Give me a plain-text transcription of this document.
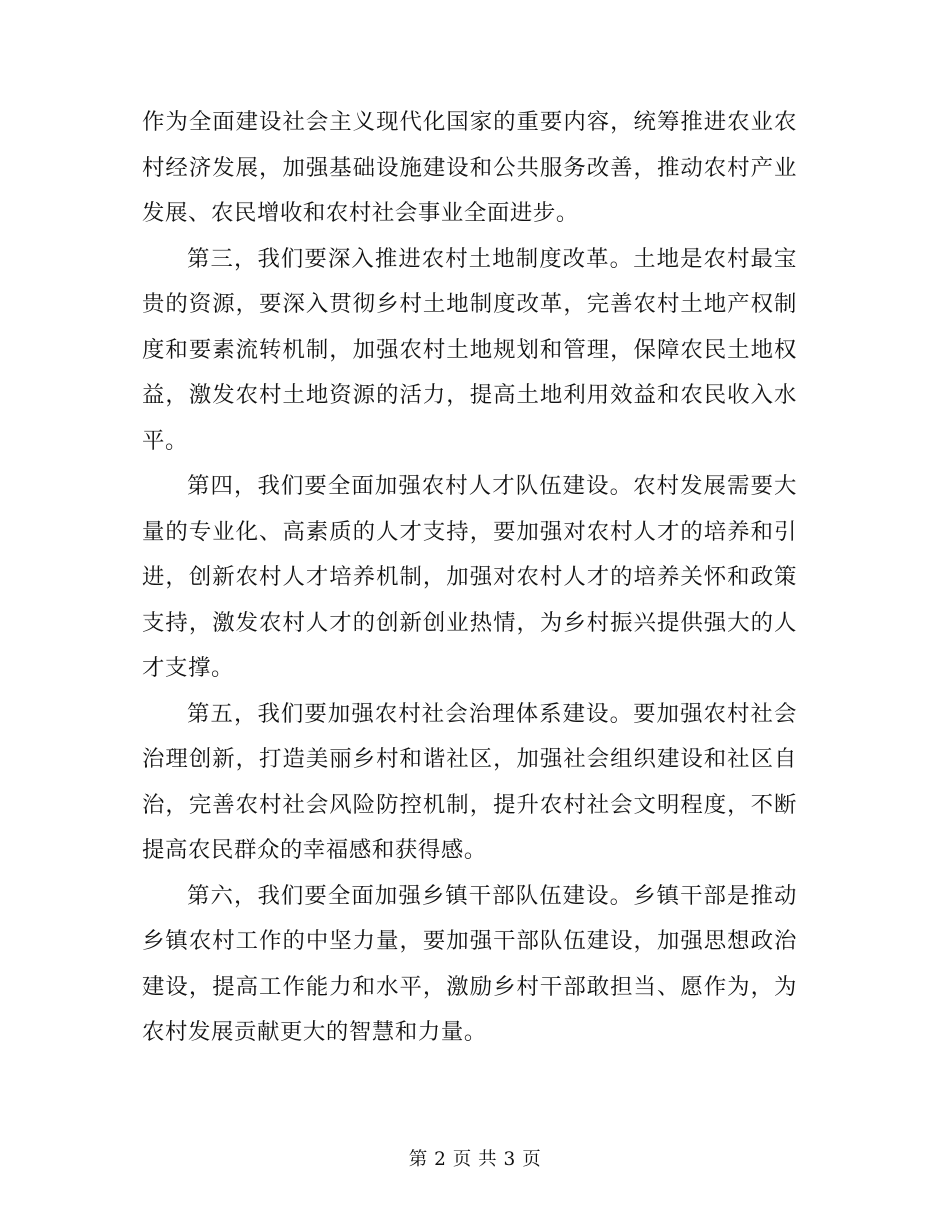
作为全面建设社会主义现代化国家的重要内容，统筹推进农业农村经济发展，加强基础设施建设和公共服务改善，推动农村产业发展、农民增收和农村社会事业全面进步。

第三，我们要深入推进农村土地制度改革。土地是农村最宝贵的资源，要深入贯彻乡村土地制度改革，完善农村土地产权制度和要素流转机制，加强农村土地规划和管理，保障农民土地权益，激发农村土地资源的活力，提高土地利用效益和农民收入水平。

第四，我们要全面加强农村人才队伍建设。农村发展需要大量的专业化、高素质的人才支持，要加强对农村人才的培养和引进，创新农村人才培养机制，加强对农村人才的培养关怀和政策支持，激发农村人才的创新创业热情，为乡村振兴提供强大的人才支撑。

第五，我们要加强农村社会治理体系建设。要加强农村社会治理创新，打造美丽乡村和谐社区，加强社会组织建设和社区自治，完善农村社会风险防控机制，提升农村社会文明程度，不断提高农民群众的幸福感和获得感。

第六，我们要全面加强乡镇干部队伍建设。乡镇干部是推动乡镇农村工作的中坚力量，要加强干部队伍建设，加强思想政治建设，提高工作能力和水平，激励乡村干部敢担当、愿作为，为农村发展贡献更大的智慧和力量。

第 2 页 共 3 页
